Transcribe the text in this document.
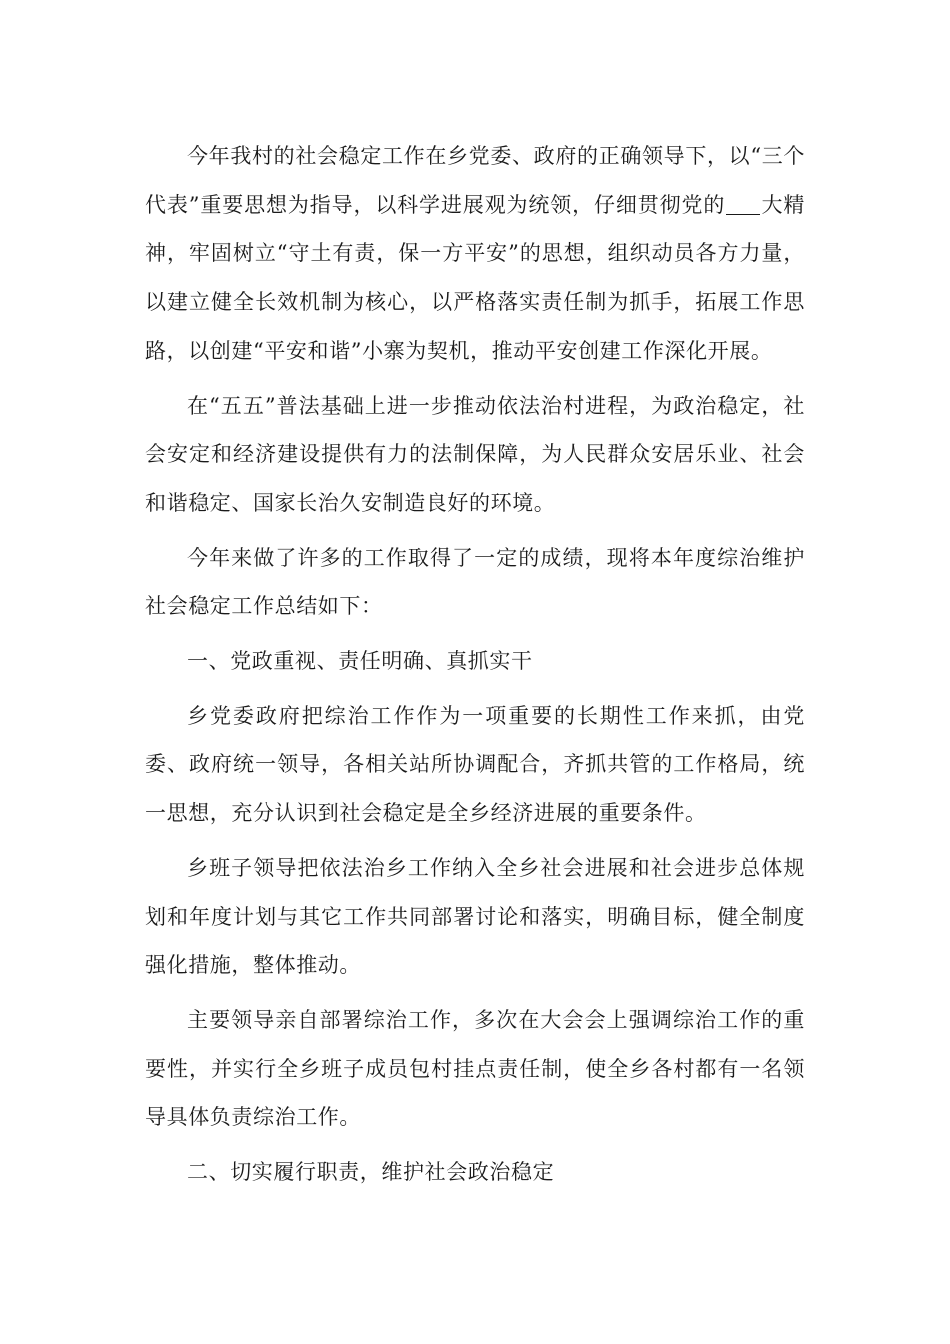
今年我村的社会稳定工作在乡党委、政府的正确领导下，以“三个代表”重要思想为指导，以科学进展观为统领，仔细贯彻党的 大精神，牢固树立“守土有责，保一方平安”的思想，组织动员各方力量，以建立健全长效机制为核心，以严格落实责任制为抓手，拓展工作思路，以创建“平安和谐”小寨为契机，推动平安创建工作深化开展。

在“五五”普法基础上进一步推动依法治村进程，为政治稳定，社会安定和经济建设提供有力的法制保障，为人民群众安居乐业、社会和谐稳定、国家长治久安制造良好的环境。

今年来做了许多的工作取得了一定的成绩，现将本年度综治维护社会稳定工作总结如下：

一、党政重视、责任明确、真抓实干

乡党委政府把综治工作作为一项重要的长期性工作来抓，由党委、政府统一领导，各相关站所协调配合，齐抓共管的工作格局，统一思想，充分认识到社会稳定是全乡经济进展的重要条件。

乡班子领导把依法治乡工作纳入全乡社会进展和社会进步总体规划和年度计划与其它工作共同部署讨论和落实，明确目标，健全制度强化措施，整体推动。

主要领导亲自部署综治工作，多次在大会会上强调综治工作的重要性，并实行全乡班子成员包村挂点责任制，使全乡各村都有一名领导具体负责综治工作。

二、切实履行职责，维护社会政治稳定
